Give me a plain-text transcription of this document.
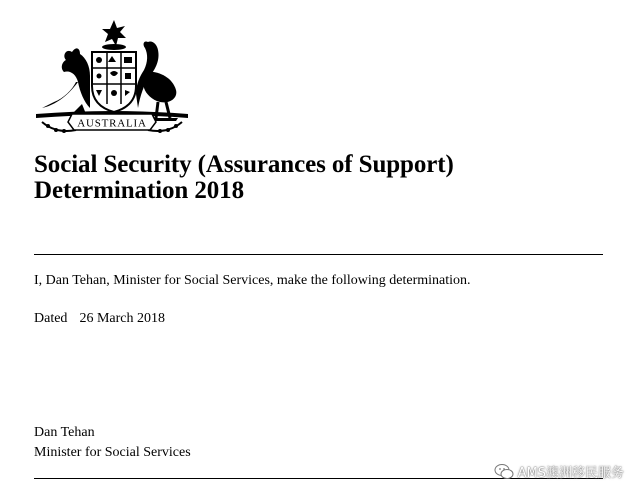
AUSTRALIA
Social Security (Assurances of Support)
Determination 2018

I, Dan Tehan, Minister for Social Services, make the following determination.

Dated 26 March 2018

Dan Tehan

Minister for Social Services

AMS澳洲移民服务
